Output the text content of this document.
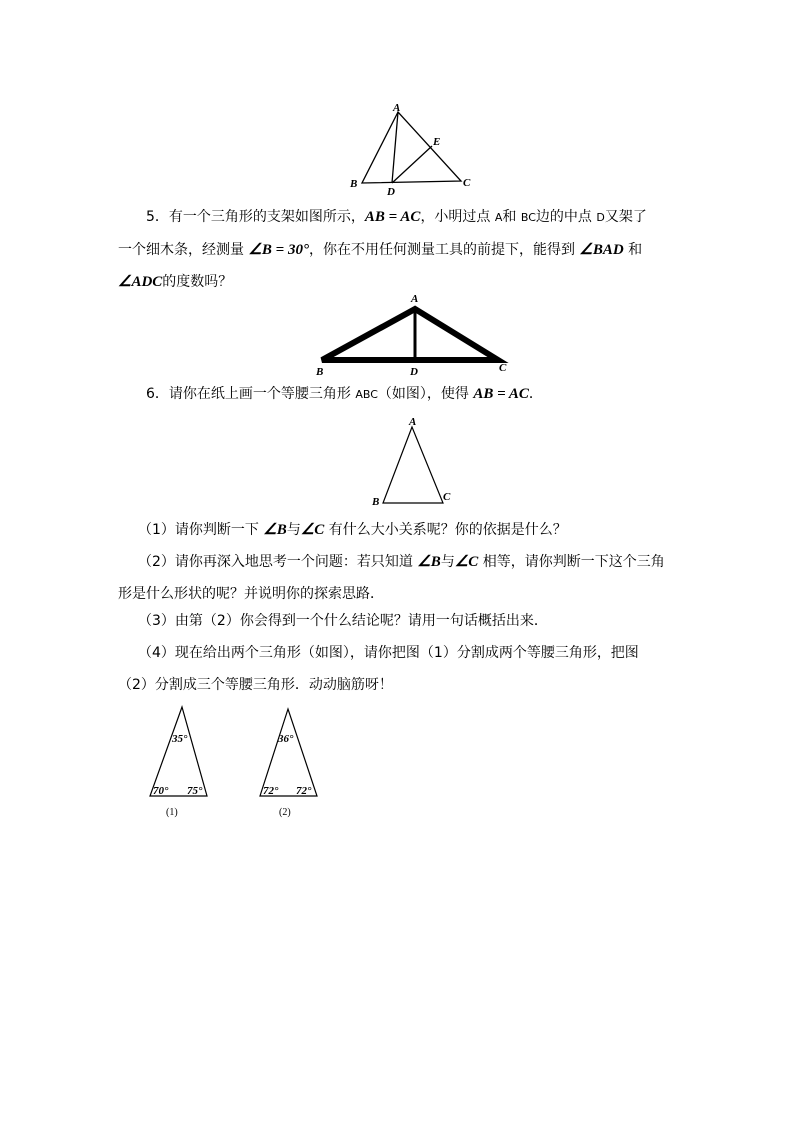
A
B	C
D
E
A
B	D	C
A
B	C
35°
70° 75°
(1)
36°
72° 72°
(2)
5．有一个三角形的支架如图所示，AB = AC，小明过点 A和 BC边的中点 D又架了
一个细木条，经测量 ∠B = 30°，你在不用任何测量工具的前提下，能得到 ∠BAD 和
∠ADC的度数吗？
6．请你在纸上画一个等腰三角形 ABC（如图），使得 AB = AC．
（1）请你判断一下 ∠B与∠C 有什么大小关系呢？你的依据是什么？
（2）请你再深入地思考一个问题：若只知道 ∠B与∠C 相等，请你判断一下这个三角
形是什么形状的呢？并说明你的探索思路．
（3）由第（2）你会得到一个什么结论呢？请用一句话概括出来．
（4）现在给出两个三角形（如图），请你把图（1）分割成两个等腰三角形，把图
（2）分割成三个等腰三角形．动动脑筋呀！
